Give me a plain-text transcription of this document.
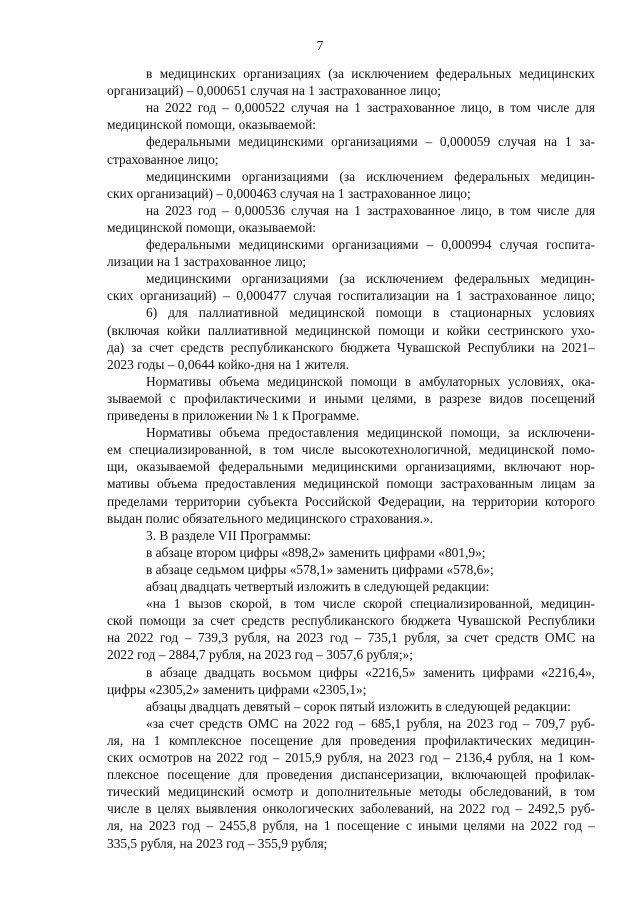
7
в медицинских организациях (за исключением федеральных медицинских
организаций) – 0,000651 случая на 1 застрахованное лицо;
на 2022 год – 0,000522 случая на 1 застрахованное лицо, в том числе для
медицинской помощи, оказываемой:
федеральными медицинскими организациями – 0,000059 случая на 1 за-
страхованное лицо;
медицинскими организациями (за исключением федеральных медицин-
ских организаций) – 0,000463 случая на 1 застрахованное лицо;
на 2023 год – 0,000536 случая на 1 застрахованное лицо, в том числе для
медицинской помощи, оказываемой:
федеральными медицинскими организациями – 0,000994 случая госпита-
лизации на 1 застрахованное лицо;
медицинскими организациями (за исключением федеральных медицин-
ских организаций) – 0,000477 случая госпитализации на 1 застрахованное лицо;
6) для паллиативной медицинской помощи в стационарных условиях
(включая койки паллиативной медицинской помощи и койки сестринского ухо-
да) за счет средств республиканского бюджета Чувашской Республики на 2021–
2023 годы – 0,0644 койко-дня на 1 жителя.
Нормативы объема медицинской помощи в амбулаторных условиях, ока-
зываемой с профилактическими и иными целями, в разрезе видов посещений
приведены в приложении № 1 к Программе.
Нормативы объема предоставления медицинской помощи, за исключени-
ем специализированной, в том числе высокотехнологичной, медицинской помо-
щи, оказываемой федеральными медицинскими организациями, включают нор-
мативы объема предоставления медицинской помощи застрахованным лицам за
пределами территории субъекта Российской Федерации, на территории которого
выдан полис обязательного медицинского страхования.».
3. В разделе VII Программы:
в абзаце втором цифры «898,2» заменить цифрами «801,9»;
в абзаце седьмом цифры «578,1» заменить цифрами «578,6»;
абзац двадцать четвертый изложить в следующей редакции:
«на 1 вызов скорой, в том числе скорой специализированной, медицин-
ской помощи за счет средств республиканского бюджета Чувашской Республики
на 2022 год – 739,3 рубля, на 2023 год – 735,1 рубля, за счет средств ОМС на
2022 год – 2884,7 рубля, на 2023 год – 3057,6 рубля;»;
в абзаце двадцать восьмом цифры «2216,5» заменить цифрами «2216,4»,
цифры «2305,2» заменить цифрами «2305,1»;
абзацы двадцать девятый – сорок пятый изложить в следующей редакции:
«за счет средств ОМС на 2022 год – 685,1 рубля, на 2023 год – 709,7 руб-
ля, на 1 комплексное посещение для проведения профилактических медицин-
ских осмотров на 2022 год – 2015,9 рубля, на 2023 год – 2136,4 рубля, на 1 ком-
плексное посещение для проведения диспансеризации, включающей профилак-
тический медицинский осмотр и дополнительные методы обследований, в том
числе в целях выявления онкологических заболеваний, на 2022 год – 2492,5 руб-
ля, на 2023 год – 2455,8 рубля, на 1 посещение с иными целями на 2022 год –
335,5 рубля, на 2023 год – 355,9 рубля;
